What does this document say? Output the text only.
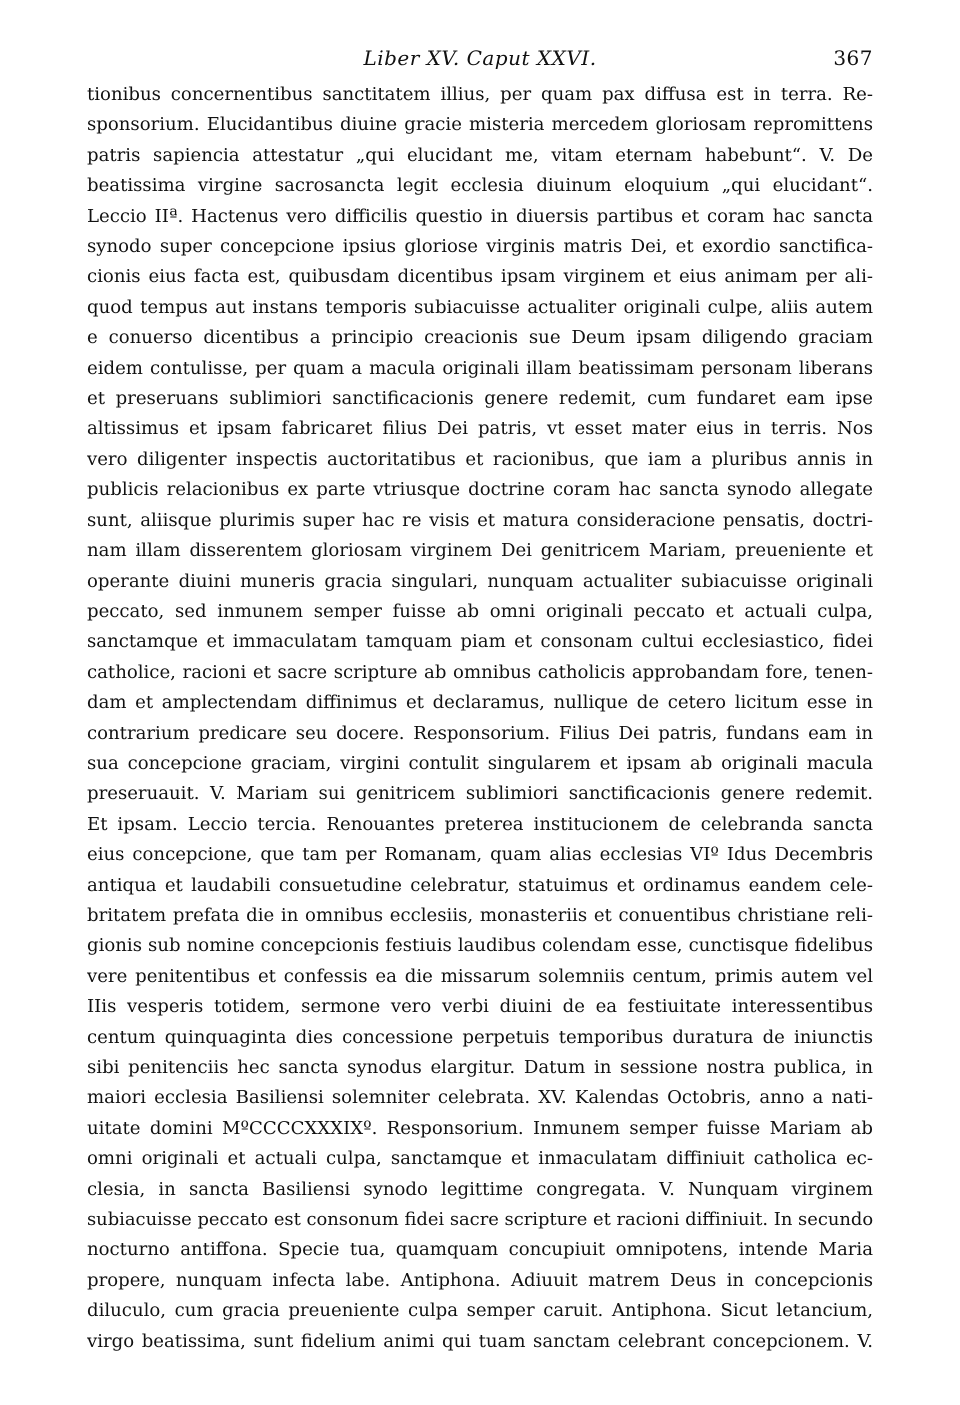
Liber XV. Caput XXVI.	367
tionibus concernentibus sanctitatem illius, per quam pax diffusa est in terra. Re-
sponsorium. Elucidantibus diuine gracie misteria mercedem gloriosam repromittens
patris sapiencia attestatur „qui elucidant me, vitam eternam habebunt“. V. De
beatissima virgine sacrosancta legit ecclesia diuinum eloquium „qui elucidant“.
Leccio IIª. Hactenus vero difficilis questio in diuersis partibus et coram hac sancta
synodo super concepcione ipsius gloriose virginis matris Dei, et exordio sanctifica-
cionis eius facta est, quibusdam dicentibus ipsam virginem et eius animam per ali-
quod tempus aut instans temporis subiacuisse actualiter originali culpe, aliis autem
e conuerso dicentibus a principio creacionis sue Deum ipsam diligendo graciam
eidem contulisse, per quam a macula originali illam beatissimam personam liberans
et preseruans sublimiori sanctificacionis genere redemit, cum fundaret eam ipse
altissimus et ipsam fabricaret filius Dei patris, vt esset mater eius in terris. Nos
vero diligenter inspectis auctoritatibus et racionibus, que iam a pluribus annis in
publicis relacionibus ex parte vtriusque doctrine coram hac sancta synodo allegate
sunt, aliisque plurimis super hac re visis et matura consideracione pensatis, doctri-
nam illam disserentem gloriosam virginem Dei genitricem Mariam, preueniente et
operante diuini muneris gracia singulari, nunquam actualiter subiacuisse originali
peccato, sed inmunem semper fuisse ab omni originali peccato et actuali culpa,
sanctamque et immaculatam tamquam piam et consonam cultui ecclesiastico, fidei
catholice, racioni et sacre scripture ab omnibus catholicis approbandam fore, tenen-
dam et amplectendam diffinimus et declaramus, nullique de cetero licitum esse in
contrarium predicare seu docere. Responsorium. Filius Dei patris, fundans eam in
sua concepcione graciam, virgini contulit singularem et ipsam ab originali macula
preseruauit. V. Mariam sui genitricem sublimiori sanctificacionis genere redemit.
Et ipsam. Leccio tercia. Renouantes preterea institucionem de celebranda sancta
eius concepcione, que tam per Romanam, quam alias ecclesias VIº Idus Decembris
antiqua et laudabili consuetudine celebratur, statuimus et ordinamus eandem cele-
britatem prefata die in omnibus ecclesiis, monasteriis et conuentibus christiane reli-
gionis sub nomine concepcionis festiuis laudibus colendam esse, cunctisque fidelibus
vere penitentibus et confessis ea die missarum solemniis centum, primis autem vel
IIis vesperis totidem, sermone vero verbi diuini de ea festiuitate interessentibus
centum quinquaginta dies concessione perpetuis temporibus duratura de iniunctis
sibi penitenciis hec sancta synodus elargitur. Datum in sessione nostra publica, in
maiori ecclesia Basiliensi solemniter celebrata. XV. Kalendas Octobris, anno a nati-
uitate domini MºCCCCXXXIXº. Responsorium. Inmunem semper fuisse Mariam ab
omni originali et actuali culpa, sanctamque et inmaculatam diffiniuit catholica ec-
clesia, in sancta Basiliensi synodo legittime congregata. V. Nunquam virginem
subiacuisse peccato est consonum fidei sacre scripture et racioni diffiniuit. In secundo
nocturno antiffona. Specie tua, quamquam concupiuit omnipotens, intende Maria
propere, nunquam infecta labe. Antiphona. Adiuuit matrem Deus in concepcionis
diluculo, cum gracia preueniente culpa semper caruit. Antiphona. Sicut letancium,
virgo beatissima, sunt fidelium animi qui tuam sanctam celebrant concepcionem. V.
